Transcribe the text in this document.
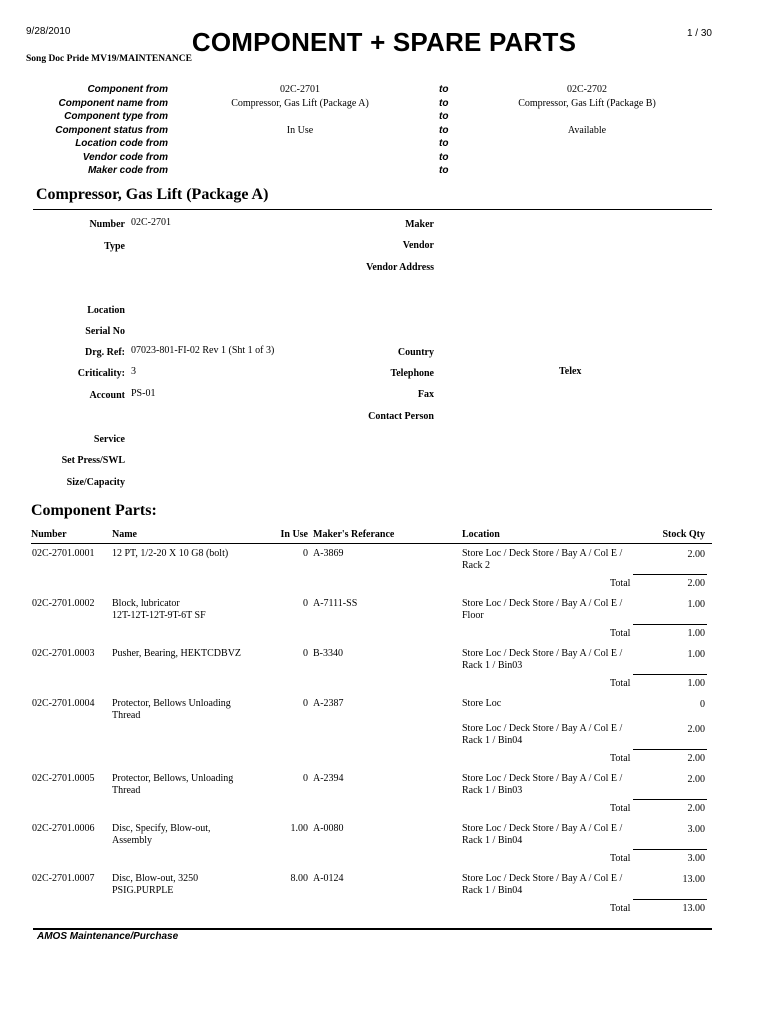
9/28/2010	COMPONENT + SPARE PARTS	1 / 30
Song Doc Pride MV19/MAINTENANCE
Component from	02C-2701	to	02C-2702
Component name from	Compressor, Gas Lift (Package A)	to	Compressor, Gas Lift (Package B)
Component type from	to
Component status from	In Use	to	Available
Location code from	to
Vendor code from	to
Maker code from	to
Compressor, Gas Lift (Package A)
Number 02C-2701
Type
Location
Serial No
Drg. Ref: 07023-801-FI-02 Rev 1 (Sht 1 of 3)
Criticality: 3
Account PS-01
Service
Set Press/SWL
Size/Capacity
Maker
Vendor
Vendor Address
Country
Telephone
Fax
Contact Person
Telex
Component Parts:
Number	Name	In Use Maker's Referance	Location	Stock Qty
02C-2701.0001 12 PT, 1/2-20 X 10 G8 (bolt)	0 A-3869	Store Loc / Deck Store / Bay A / Col E /
Rack 2
2.00
Total	2.00
02C-2701.0002 Block, lubricator
12T-12T-12T-9T-6T SF
0 A-7111-SS	Store Loc / Deck Store / Bay A / Col E /
Floor
1.00
Total	1.00
02C-2701.0003 Pusher, Bearing, HEKTCDBVZ	0 B-3340	Store Loc / Deck Store / Bay A / Col E /
Rack 1 / Bin03
1.00
Total	1.00
02C-2701.0004 Protector, Bellows Unloading
Thread
0 A-2387	Store Loc	0
Store Loc / Deck Store / Bay A / Col E /
Rack 1 / Bin04
2.00
Total	2.00
02C-2701.0005 Protector, Bellows, Unloading
Thread
0 A-2394	Store Loc / Deck Store / Bay A / Col E /
Rack 1 / Bin03
2.00
Total	2.00
02C-2701.0006 Disc, Specify, Blow-out,
Assembly
1.00 A-0080	Store Loc / Deck Store / Bay A / Col E /
Rack 1 / Bin04
3.00
Total	3.00
02C-2701.0007 Disc, Blow-out, 3250
PSIG.PURPLE
8.00 A-0124	Store Loc / Deck Store / Bay A / Col E /
Rack 1 / Bin04
13.00
Total	13.00
AMOS Maintenance/Purchase
